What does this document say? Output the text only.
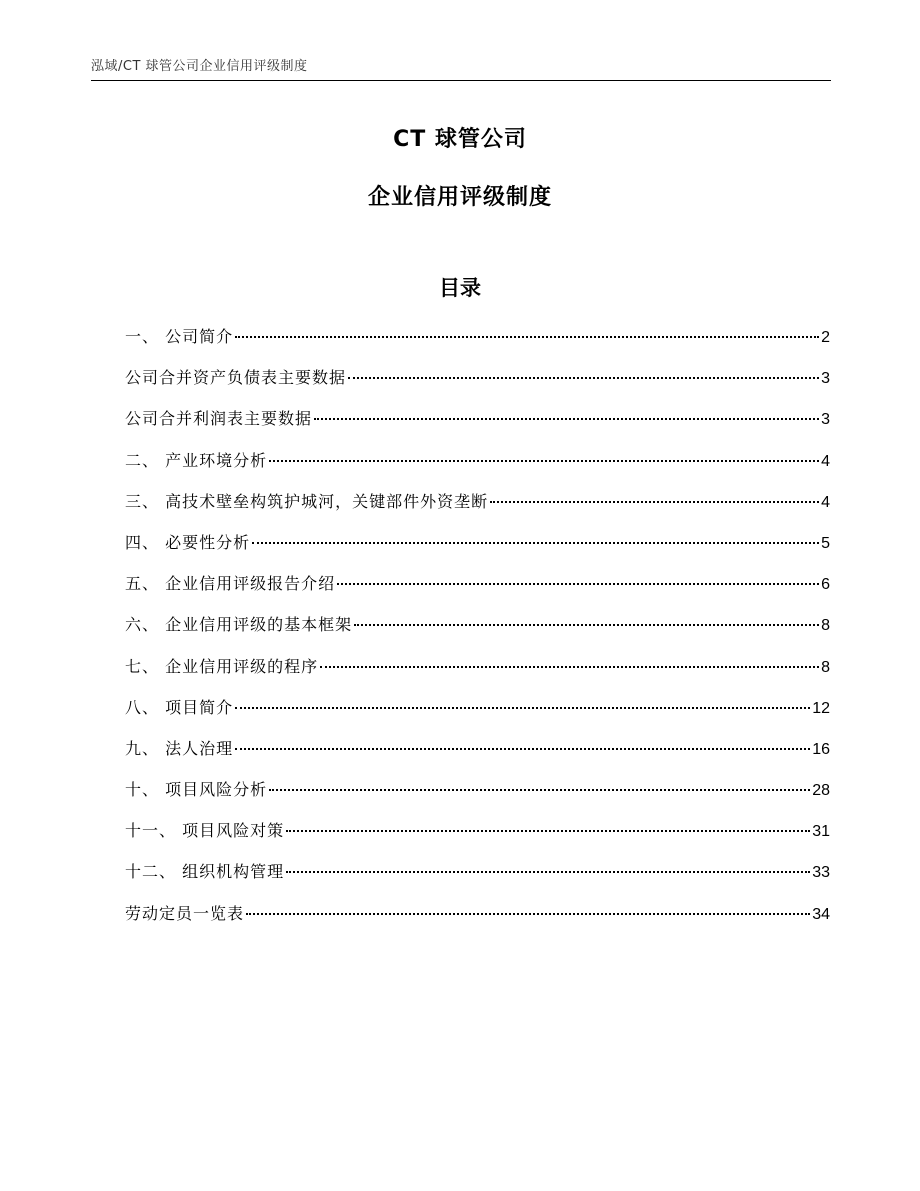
泓域/CT 球管公司企业信用评级制度
CT 球管公司
企业信用评级制度
目录
一、 公司简介	2
公司合并资产负债表主要数据	3
公司合并利润表主要数据	3
二、 产业环境分析	4
三、 高技术壁垒构筑护城河，关键部件外资垄断	4
四、 必要性分析	5
五、 企业信用评级报告介绍	6
六、 企业信用评级的基本框架	8
七、 企业信用评级的程序	8
八、 项目简介	12
九、 法人治理	16
十、 项目风险分析	28
十一、 项目风险对策	31
十二、 组织机构管理	33
劳动定员一览表	34
